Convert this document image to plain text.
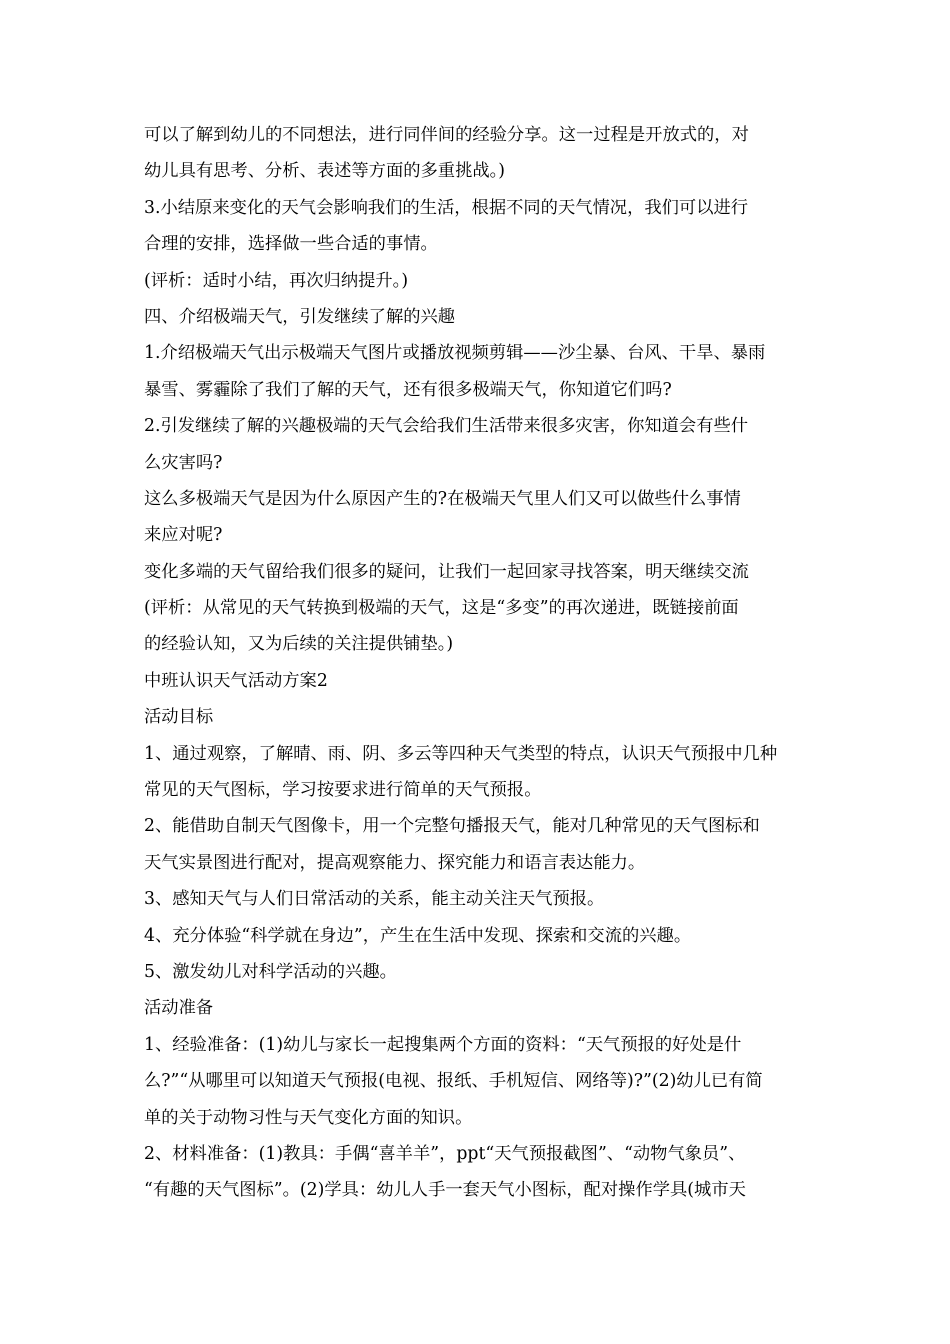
可以了解到幼儿的不同想法，进行同伴间的经验分享。这一过程是开放式的，对
幼儿具有思考、分析、表述等方面的多重挑战。)
3.小结原来变化的天气会影响我们的生活，根据不同的天气情况，我们可以进行
合理的安排，选择做一些合适的事情。
(评析：适时小结，再次归纳提升。)
四、介绍极端天气，引发继续了解的兴趣
1.介绍极端天气出示极端天气图片或播放视频剪辑——沙尘暴、台风、干旱、暴雨
暴雪、雾霾除了我们了解的天气，还有很多极端天气，你知道它们吗?
2.引发继续了解的兴趣极端的天气会给我们生活带来很多灾害，你知道会有些什
么灾害吗?
这么多极端天气是因为什么原因产生的?在极端天气里人们又可以做些什么事情
来应对呢?
变化多端的天气留给我们很多的疑问，让我们一起回家寻找答案，明天继续交流
(评析：从常见的天气转换到极端的天气，这是“多变”的再次递进，既链接前面
的经验认知，又为后续的关注提供铺垫。)
中班认识天气活动方案2
活动目标
1、通过观察，了解晴、雨、阴、多云等四种天气类型的特点，认识天气预报中几种
常见的天气图标，学习按要求进行简单的天气预报。
2、能借助自制天气图像卡，用一个完整句播报天气，能对几种常见的天气图标和
天气实景图进行配对，提高观察能力、探究能力和语言表达能力。
3、感知天气与人们日常活动的关系，能主动关注天气预报。
4、充分体验“科学就在身边”，产生在生活中发现、探索和交流的兴趣。
5、激发幼儿对科学活动的兴趣。
活动准备
1、经验准备：(1)幼儿与家长一起搜集两个方面的资料：“天气预报的好处是什
么?”“从哪里可以知道天气预报(电视、报纸、手机短信、网络等)?”(2)幼儿已有简
单的关于动物习性与天气变化方面的知识。
2、材料准备：(1)教具：手偶“喜羊羊”，ppt“天气预报截图”、“动物气象员”、
“有趣的天气图标”。(2)学具：幼儿人手一套天气小图标，配对操作学具(城市天
